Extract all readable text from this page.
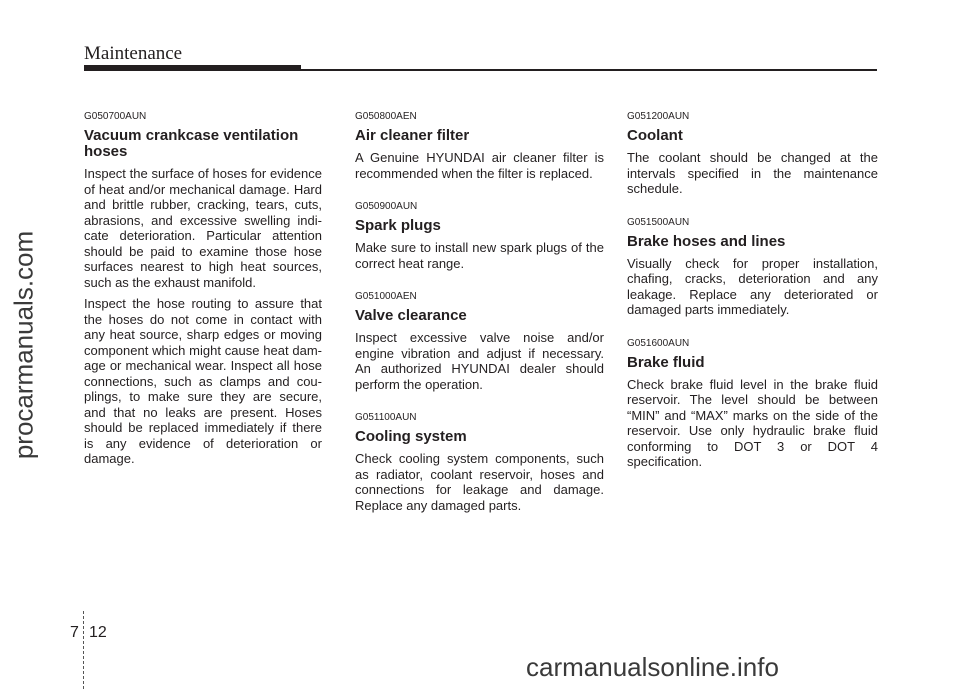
Maintenance
procarmanuals.com
G050700AUN
Vacuum crankcase ventilation hoses

Inspect the surface of hoses for evidence of heat and/or mechanical damage. Hard and brittle rubber, cracking, tears, cuts, abrasions, and excessive swelling indi-cate deterioration. Particular attention should be paid to examine those hose surfaces nearest to high heat sources, such as the exhaust manifold.

Inspect the hose routing to assure that the hoses do not come in contact with any heat source, sharp edges or moving component which might cause heat dam-age or mechanical wear. Inspect all hose connections, such as clamps and cou-plings, to make sure they are secure, and that no leaks are present. Hoses should be replaced immediately if there is any evidence of deterioration or damage.

G050800AEN
Air cleaner filter

A Genuine HYUNDAI air cleaner filter is recommended when the filter is replaced.

G050900AUN
Spark plugs

Make sure to install new spark plugs of the correct heat range.

G051000AEN
Valve clearance

Inspect excessive valve noise and/or engine vibration and adjust if necessary. An authorized HYUNDAI dealer should perform the operation.

G051100AUN
Cooling system

Check cooling system components, such as radiator, coolant reservoir, hoses and connections for leakage and damage. Replace any damaged parts.

G051200AUN
Coolant

The coolant should be changed at the intervals specified in the maintenance schedule.

G051500AUN
Brake hoses and lines

Visually check for proper installation, chafing, cracks, deterioration and any leakage. Replace any deteriorated or damaged parts immediately.

G051600AUN
Brake fluid

Check brake fluid level in the brake fluid reservoir. The level should be between “MIN” and “MAX” marks on the side of the reservoir. Use only hydraulic brake fluid conforming to DOT 3 or DOT 4 specification.

7 12
carmanualsonline.info
